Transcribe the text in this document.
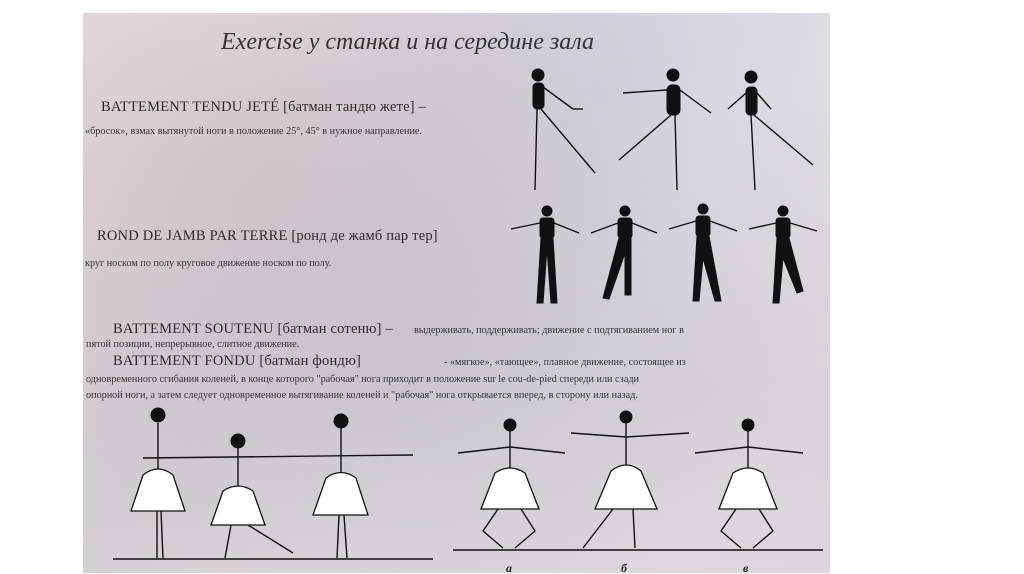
Exercise у станка и на середине зала
BATTEMENT TENDU JETÉ [батман тандю жете] –
«бросок», взмах вытянутой ноги в положение 25°, 45° в нужное направление.
ROND DE JAMB PAR TERRE [ронд де жамб пар тер]
круг носком по полу круговое движение носком по полу.
BATTEMENT SOUTENU [батман сотеню] – выдерживать, поддерживать; движение с подтягиванием ног в
пятой позиции, непрерывное, слитное движение.
BATTEMENT FONDU [батман фондю]	- «мягкое», «тающее», плавное движение, состоящее из
одновременного сгибания коленей, в конце которого "рабочая" нога приходит в положение sur le cou-de-pied спереди или сзади
опорной ноги, а затем следует одновременное вытягивание коленей и "рабочая" нога открывается вперед, в сторону или назад.
а	б	в
